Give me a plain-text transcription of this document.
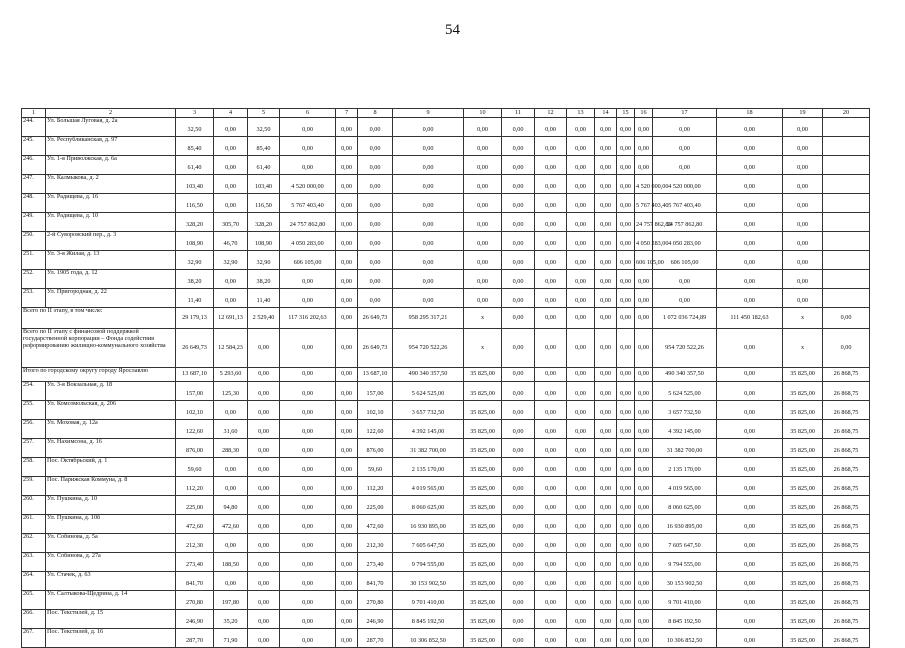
54
1	2	3	4	5	6	7	8	9	10	11	12	13	14	15	16	17	18	19	20
244.	Ул. Большая Луговая, д. 2а	32,50	0,00	32,50	0,00	0,00	0,00	0,00	0,00	0,00	0,00	0,00	0,00	0,00	0,00	0,00	0,00	0,00	
245.	Ул. Республиканская, д. 97	85,40	0,00	85,40	0,00	0,00	0,00	0,00	0,00	0,00	0,00	0,00	0,00	0,00	0,00	0,00	0,00	0,00	
246.	Ул. 1-я Приволжская, д. 6а	61,40	0,00	61,40	0,00	0,00	0,00	0,00	0,00	0,00	0,00	0,00	0,00	0,00	0,00	0,00	0,00	0,00	
247.	Ул. Калмыкова, д. 2	103,40	0,00	103,40	4 520 000,00	0,00	0,00	0,00	0,00	0,00	0,00	0,00	0,00	0,00	4 520 000,00	4 520 000,00	0,00	0,00	
248.	Ул. Радищева, д. 16	116,50	0,00	116,50	5 767 403,40	0,00	0,00	0,00	0,00	0,00	0,00	0,00	0,00	0,00	5 767 403,40	5 767 403,40	0,00	0,00	
249.	Ул. Радищева, д. 10	328,20	305,70	328,20	24 757 862,80	0,00	0,00	0,00	0,00	0,00	0,00	0,00	0,00	0,00	24 757 862,80	24 757 862,80	0,00	0,00	
250.	2-й Суворовский пер., д. 3	108,90	46,70	108,90	4 050 283,00	0,00	0,00	0,00	0,00	0,00	0,00	0,00	0,00	0,00	4 050 283,00	4 050 283,00	0,00	0,00	
251.	Ул. 3-я Жилая, д. 13	32,90	32,90	32,90	606 105,00	0,00	0,00	0,00	0,00	0,00	0,00	0,00	0,00	0,00	606 105,00	606 105,00	0,00	0,00	
252.	Ул. 1905 года, д. 12	38,20	0,00	38,20	0,00	0,00	0,00	0,00	0,00	0,00	0,00	0,00	0,00	0,00	0,00	0,00	0,00	0,00	
253.	Ул. Пригородная, д. 22	11,40	0,00	11,40	0,00	0,00	0,00	0,00	0,00	0,00	0,00	0,00	0,00	0,00	0,00	0,00	0,00	0,00	
Всего по II этапу, в том числе:		29 179,13	12 691,13	2 529,40	117 316 202,63	0,00	26 649,73	958 295 317,21	x	0,00	0,00	0,00	0,00	0,00	0,00	1 072 036 724,89	111 450 182,63	x	0,00
Всего по II этапу с финансовой поддержкой государственной корпорации – Фонда содействия реформированию жилищно-коммунального хозяйства		26 649,73	12 584,23	0,00	0,00	0,00	26 649,73	954 720 522,26	x	0,00	0,00	0,00	0,00	0,00	0,00	954 720 522,26	0,00	x	0,00
Итого по городскому округу городу Ярославлю		13 687,10	5 293,60	0,00	0,00	0,00	13 687,10	490 340 357,50	35 825,00	0,00	0,00	0,00	0,00	0,00	0,00	490 340 357,50	0,00	35 825,00	26 868,75
254.	Ул. 3-я Вокзальная, д. 18	157,00	125,30	0,00	0,00	0,00	157,00	5 624 525,00	35 825,00	0,00	0,00	0,00	0,00	0,00	0,00	5 624 525,00	0,00	35 825,00	26 868,75
255.	Ул. Комсомольская, д. 206	102,10	0,00	0,00	0,00	0,00	102,10	3 657 732,50	35 825,00	0,00	0,00	0,00	0,00	0,00	0,00	3 657 732,50	0,00	35 825,00	26 868,75
256.	Ул. Моховая, д. 12а	122,60	31,60	0,00	0,00	0,00	122,60	4 392 145,00	35 825,00	0,00	0,00	0,00	0,00	0,00	0,00	4 392 145,00	0,00	35 825,00	26 868,75
257.	Ул. Нахимсона, д. 16	876,00	288,30	0,00	0,00	0,00	876,00	31 382 700,00	35 825,00	0,00	0,00	0,00	0,00	0,00	0,00	31 382 700,00	0,00	35 825,00	26 868,75
258.	Пос. Октябрьский, д. 1	59,60	0,00	0,00	0,00	0,00	59,60	2 135 170,00	35 825,00	0,00	0,00	0,00	0,00	0,00	0,00	2 135 170,00	0,00	35 825,00	26 868,75
259.	Пос. Парижская Коммуна, д. 8	112,20	0,00	0,00	0,00	0,00	112,20	4 019 565,00	35 825,00	0,00	0,00	0,00	0,00	0,00	0,00	4 019 565,00	0,00	35 825,00	26 868,75
260.	Ул. Пушкина, д. 10	225,00	94,80	0,00	0,00	0,00	225,00	8 060 625,00	35 825,00	0,00	0,00	0,00	0,00	0,00	0,00	8 060 625,00	0,00	35 825,00	26 868,75
261.	Ул. Пушкина, д. 10б	472,60	472,60	0,00	0,00	0,00	472,60	16 930 895,00	35 825,00	0,00	0,00	0,00	0,00	0,00	0,00	16 930 895,00	0,00	35 825,00	26 868,75
262.	Ул. Собинова, д. 5а	212,30	0,00	0,00	0,00	0,00	212,30	7 605 647,50	35 825,00	0,00	0,00	0,00	0,00	0,00	0,00	7 605 647,50	0,00	35 825,00	26 868,75
263.	Ул. Собинова, д. 27а	273,40	188,50	0,00	0,00	0,00	273,40	9 794 555,00	35 825,00	0,00	0,00	0,00	0,00	0,00	0,00	9 794 555,00	0,00	35 825,00	26 868,75
264.	Ул. Стачек, д. 63	841,70	0,00	0,00	0,00	0,00	841,70	30 153 902,50	35 825,00	0,00	0,00	0,00	0,00	0,00	0,00	30 153 902,50	0,00	35 825,00	26 868,75
265.	Ул. Салтыкова-Щедрина, д. 14	270,80	197,80	0,00	0,00	0,00	270,80	9 701 410,00	35 825,00	0,00	0,00	0,00	0,00	0,00	0,00	9 701 410,00	0,00	35 825,00	26 868,75
266.	Пос. Текстилей, д. 15	246,90	35,20	0,00	0,00	0,00	246,90	8 845 192,50	35 825,00	0,00	0,00	0,00	0,00	0,00	0,00	8 845 192,50	0,00	35 825,00	26 868,75
267.	Пос. Текстилей, д. 16	287,70	71,90	0,00	0,00	0,00	287,70	10 306 852,50	35 825,00	0,00	0,00	0,00	0,00	0,00	0,00	10 306 852,50	0,00	35 825,00	26 868,75
